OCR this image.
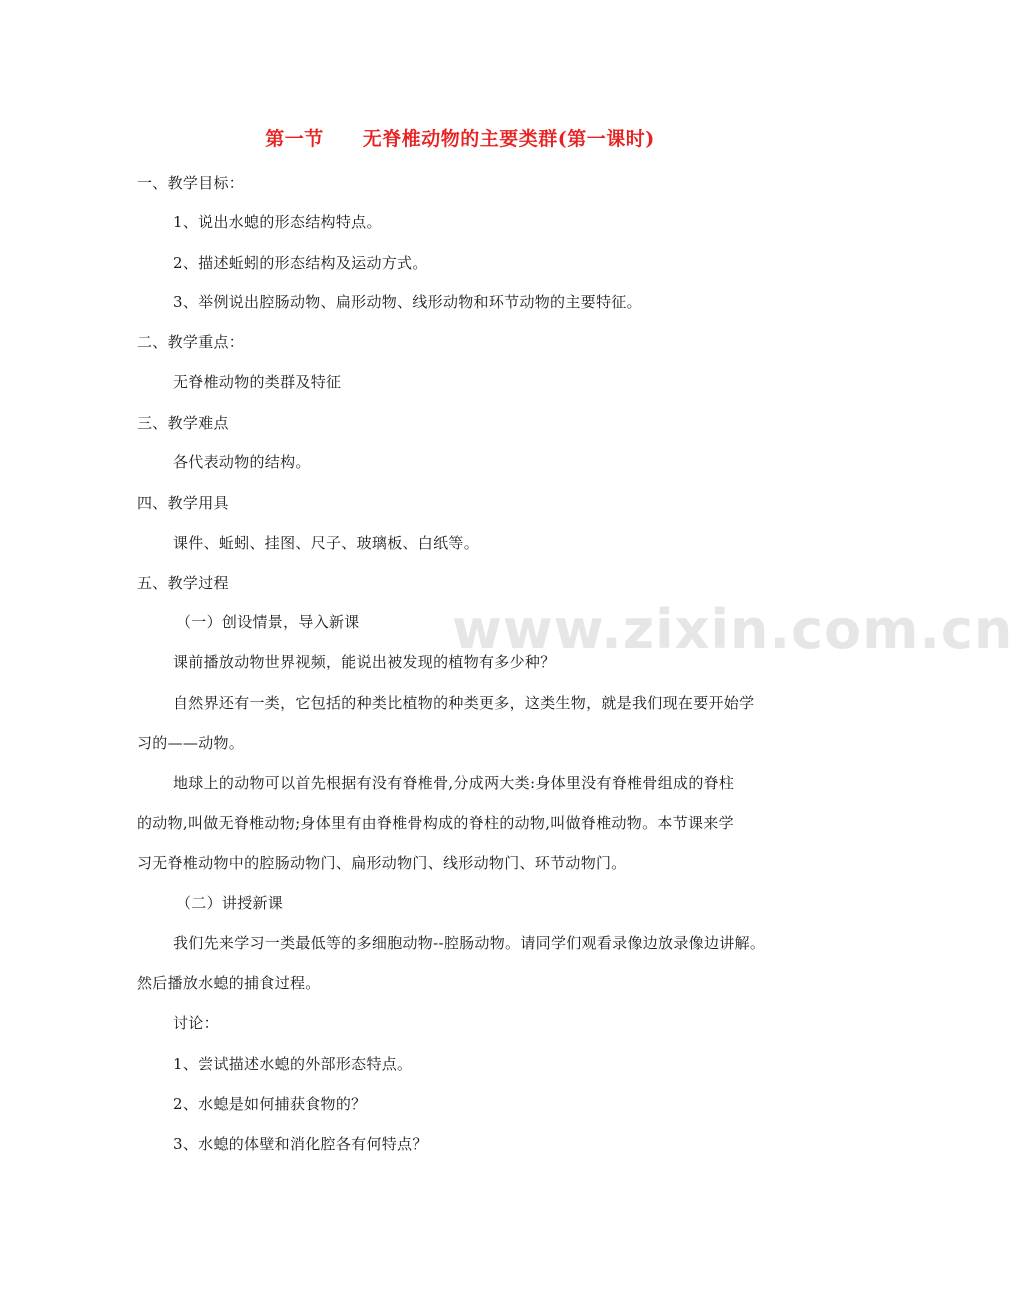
www.zixin.com.cn
第一节　　无脊椎动物的主要类群(第一课时)
一、教学目标：
1、说出水螅的形态结构特点。
2、描述蚯蚓的形态结构及运动方式。
3、举例说出腔肠动物、扁形动物、线形动物和环节动物的主要特征。
二、教学重点：
无脊椎动物的类群及特征
三、教学难点
各代表动物的结构。
四、教学用具
课件、蚯蚓、挂图、尺子、玻璃板、白纸等。
五、教学过程
（一）创设情景，导入新课
课前播放动物世界视频，能说出被发现的植物有多少种？
自然界还有一类，它包括的种类比植物的种类更多，这类生物，就是我们现在要开始学
习的——动物。
地球上的动物可以首先根据有没有脊椎骨,分成两大类:身体里没有脊椎骨组成的脊柱
的动物,叫做无脊椎动物;身体里有由脊椎骨构成的脊柱的动物,叫做脊椎动物。本节课来学
习无脊椎动物中的腔肠动物门、扁形动物门、线形动物门、环节动物门。
（二）讲授新课
我们先来学习一类最低等的多细胞动物--腔肠动物。请同学们观看录像边放录像边讲解。
然后播放水螅的捕食过程。
讨论：
1、尝试描述水螅的外部形态特点。
2、水螅是如何捕获食物的？
3、水螅的体壁和消化腔各有何特点？
